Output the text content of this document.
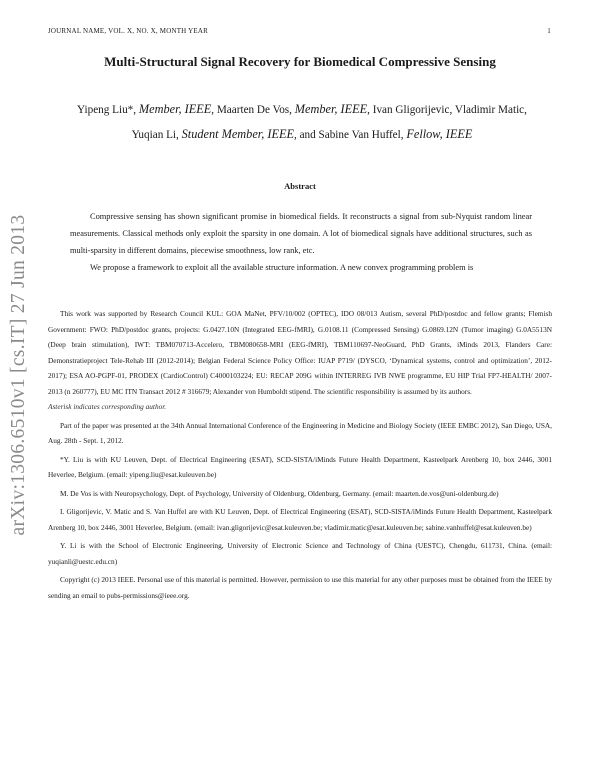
JOURNAL NAME, VOL. X, NO. X, MONTH YEAR	1
arXiv:1306.6510v1 [cs.IT] 27 Jun 2013
Multi-Structural Signal Recovery for Biomedical Compressive Sensing
Yipeng Liu*, Member, IEEE, Maarten De Vos, Member, IEEE, Ivan Gligorijevic, Vladimir Matic,
Yuqian Li, Student Member, IEEE, and Sabine Van Huffel, Fellow, IEEE
Abstract

Compressive sensing has shown significant promise in biomedical fields. It reconstructs a signal from sub-Nyquist random linear measurements. Classical methods only exploit the sparsity in one domain. A lot of biomedical signals have additional structures, such as multi-sparsity in different domains, piecewise smoothness, low rank, etc.

We propose a framework to exploit all the available structure information. A new convex programming problem is

This work was supported by Research Council KUL: GOA MaNet, PFV/10/002 (OPTEC), IDO 08/013 Autism, several PhD/postdoc and fellow grants; Flemish Government: FWO: PhD/postdoc grants, projects: G.0427.10N (Integrated EEG-fMRI), G.0108.11 (Compressed Sensing) G.0869.12N (Tumor imaging) G.0A5513N (Deep brain stimulation), IWT: TBM070713-Accelero, TBM080658-MRI (EEG-fMRI), TBM110697-NeoGuard, PhD Grants, iMinds 2013, Flanders Care: Demonstratieproject Tele-Rehab III (2012-2014); Belgian Federal Science Policy Office: IUAP P719/ (DYSCO, ‘Dynamical systems, control and optimization’, 2012-2017); ESA AO-PGPF-01, PRODEX (CardioControl) C4000103224; EU: RECAP 209G within INTERREG IVB NWE programme, EU HIP Trial FP7-HEALTH/ 2007-2013 (n 260777), EU MC ITN Transact 2012 # 316679; Alexander von Humboldt stipend. The scientific responsibility is assumed by its authors.

Asterisk indicates corresponding author.

Part of the paper was presented at the 34th Annual International Conference of the Engineering in Medicine and Biology Society (IEEE EMBC 2012), San Diego, USA, Aug. 28th - Sept. 1, 2012.

*Y. Liu is with KU Leuven, Dept. of Electrical Engineering (ESAT), SCD-SISTA/iMinds Future Health Department, Kasteelpark Arenberg 10, box 2446, 3001 Heverlee, Belgium. (email: yipeng.liu@esat.kuleuven.be)

M. De Vos is with Neuropsychology, Dept. of Psychology, University of Oldenburg, Oldenburg, Germany. (email: maarten.de.vos@uni-oldenburg.de)

I. Gligorijevic, V. Matic and S. Van Huffel are with KU Leuven, Dept. of Electrical Engineering (ESAT), SCD-SISTA/iMinds Future Health Department, Kasteelpark Arenberg 10, box 2446, 3001 Heverlee, Belgium. (email: ivan.gligorijevic@esat.kuleuven.be; vladimir.matic@esat.kuleuven.be; sabine.vanhuffel@esat.kuleuven.be)

Y. Li is with the School of Electronic Engineering, University of Electronic Science and Technology of China (UESTC), Chengdu, 611731, China. (email: yuqianli@uestc.edu.cn)

Copyright (c) 2013 IEEE. Personal use of this material is permitted. However, permission to use this material for any other purposes must be obtained from the IEEE by sending an email to pubs-permissions@ieee.org.
